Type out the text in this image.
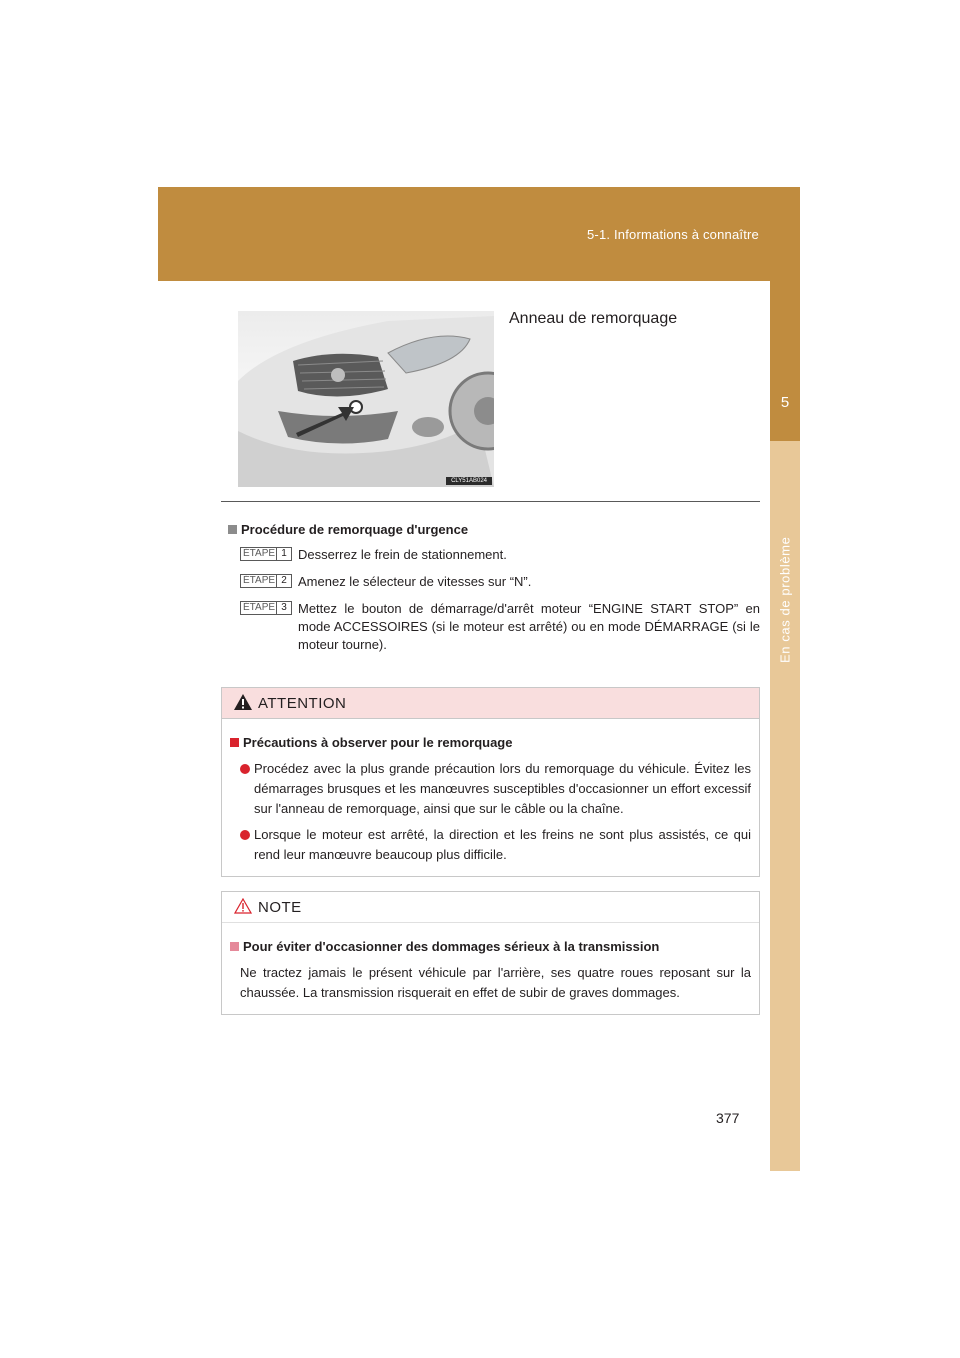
5-1. Informations à connaître
5
En cas de problème
CLY51AB024
Anneau de remorquage
Procédure de remorquage d'urgence
ÉTAPE 1 Desserrez le frein de stationnement.
ÉTAPE 2 Amenez le sélecteur de vitesses sur “N”.
ÉTAPE 3 Mettez le bouton de démarrage/d'arrêt moteur “ENGINE START STOP” en mode ACCESSOIRES (si le moteur est arrêté) ou en mode DÉMARRAGE (si le moteur tourne).
ATTENTION
Précautions à observer pour le remorquage
Procédez avec la plus grande précaution lors du remorquage du véhicule. Évitez les démarrages brusques et les manœuvres susceptibles d'occasionner un effort excessif sur l'anneau de remorquage, ainsi que sur le câble ou la chaîne.
Lorsque le moteur est arrêté, la direction et les freins ne sont plus assistés, ce qui rend leur manœuvre beaucoup plus difficile.
NOTE
Pour éviter d'occasionner des dommages sérieux à la transmission
Ne tractez jamais le présent véhicule par l'arrière, ses quatre roues reposant sur la chaussée. La transmission risquerait en effet de subir de graves dommages.
377
